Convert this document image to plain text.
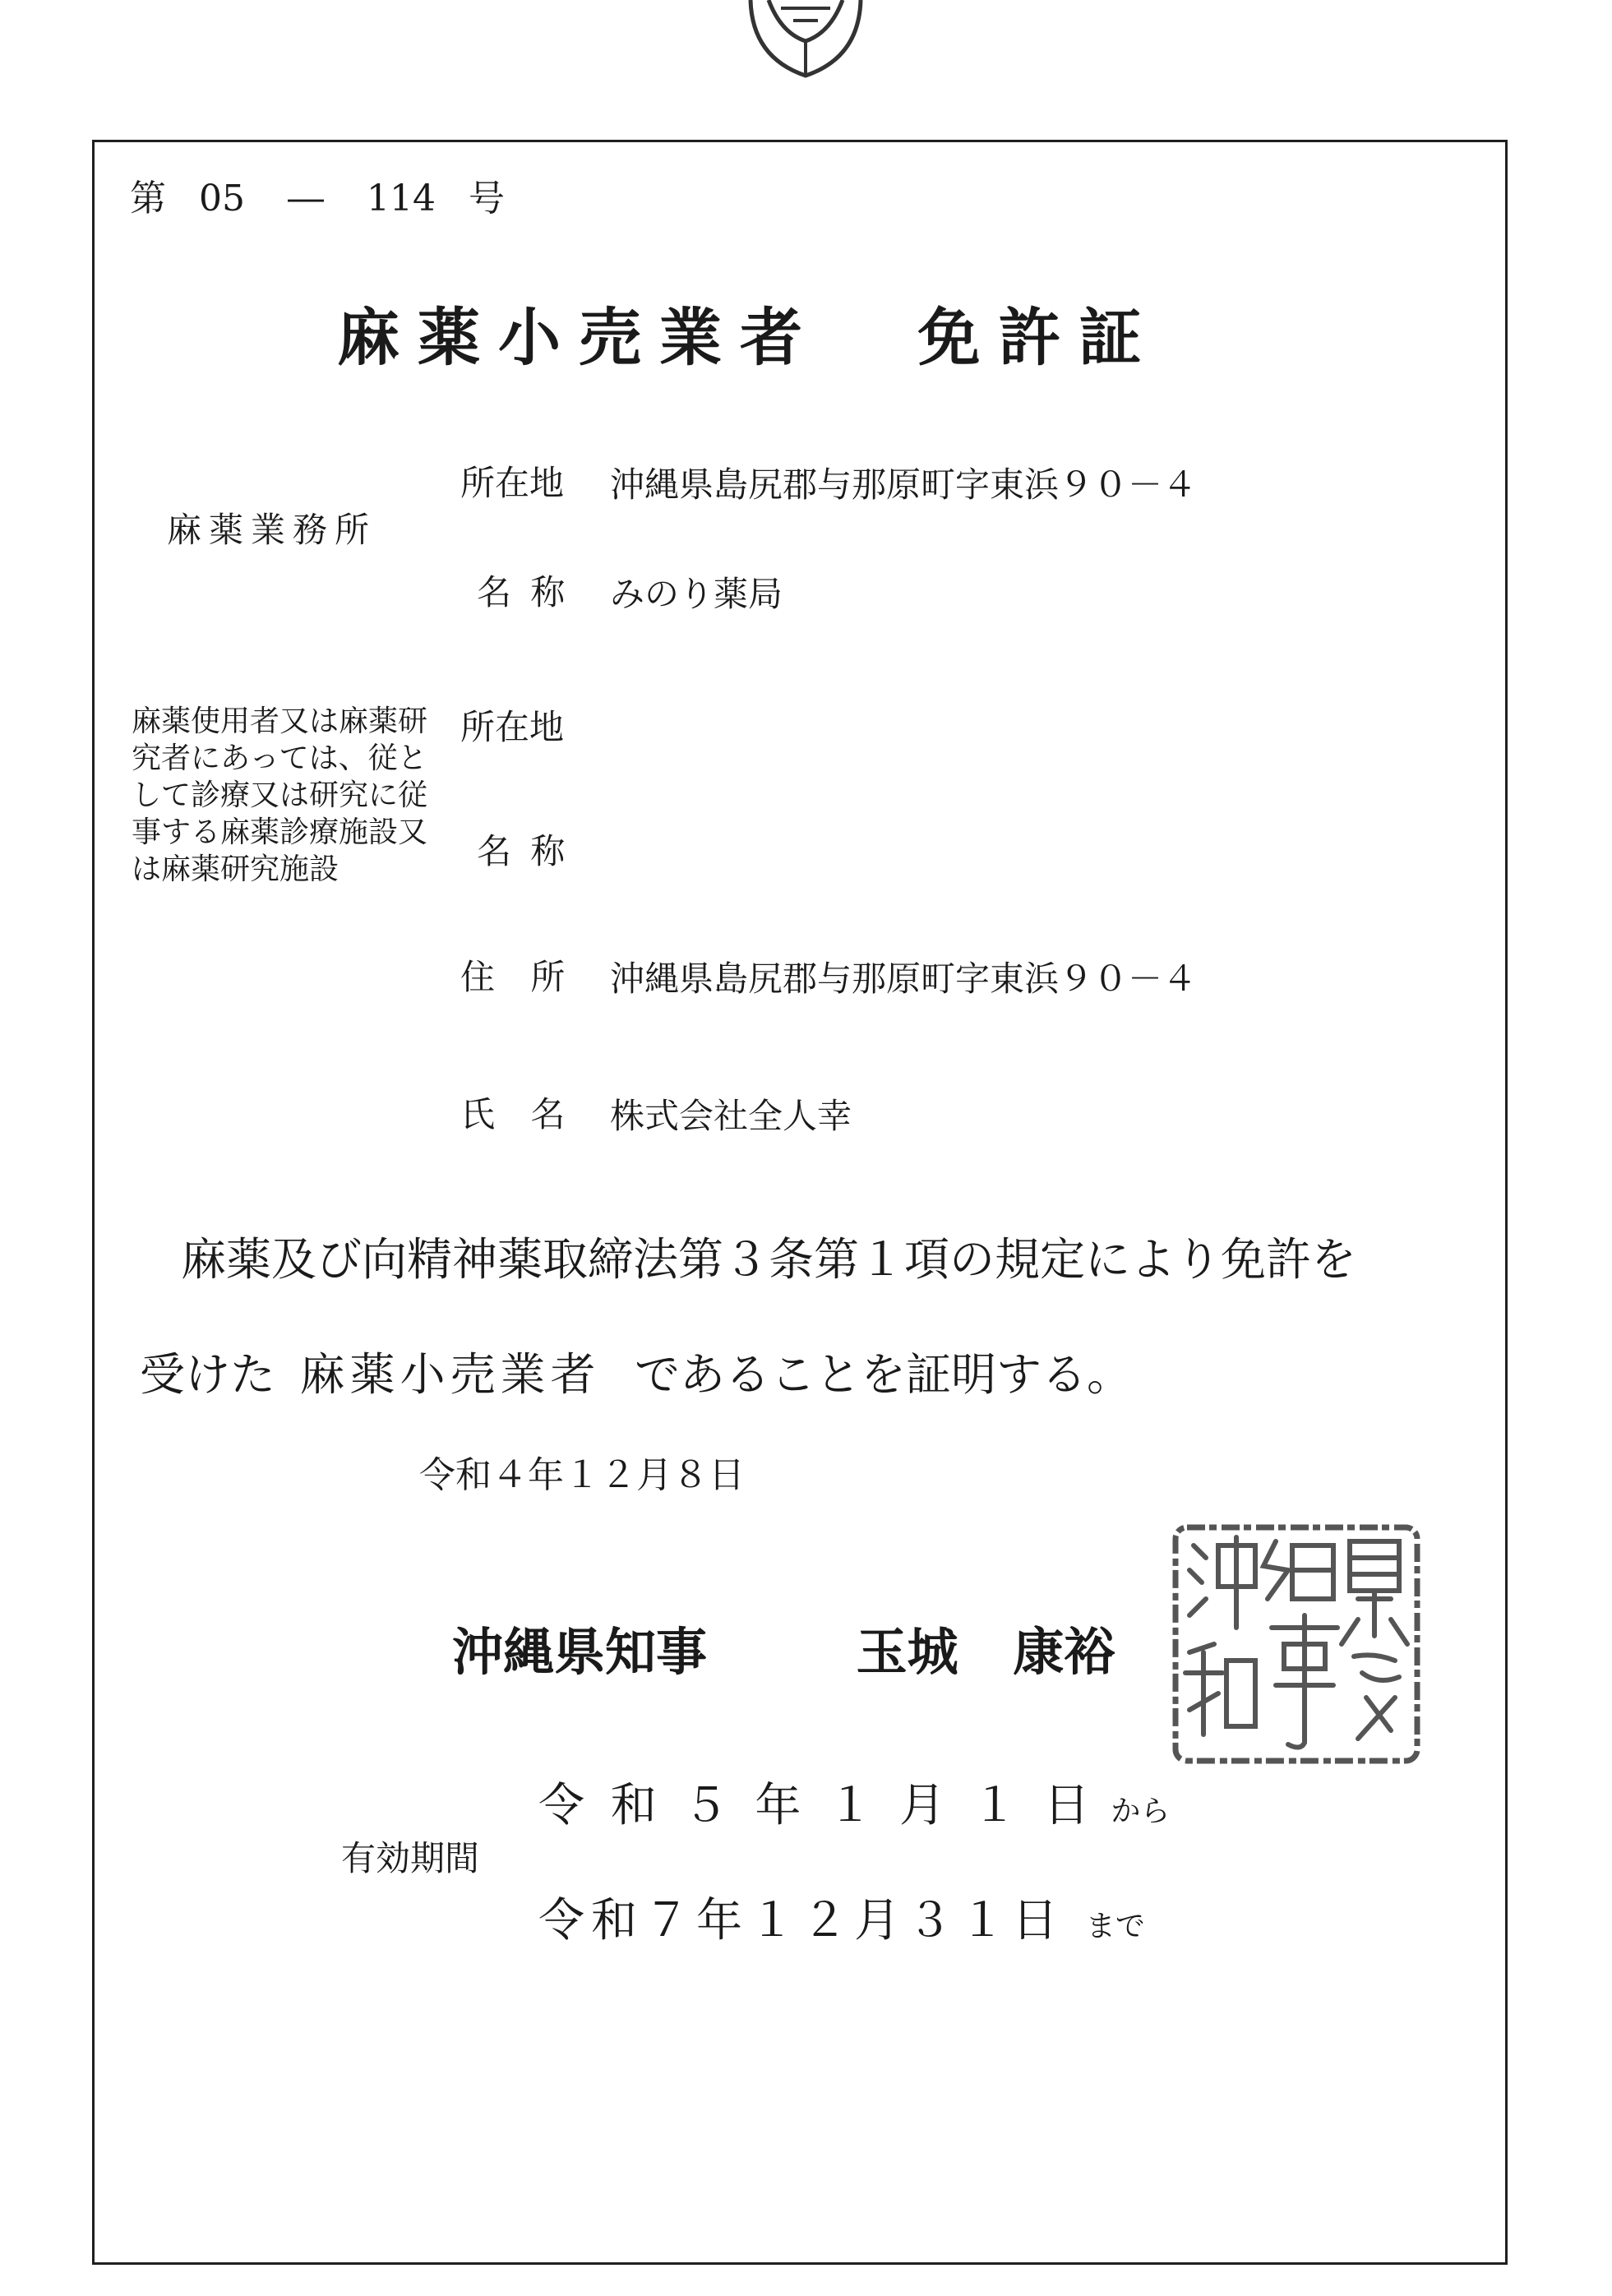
第 05 ― 114 号
麻薬小売業者 免許証
麻薬業務所
所在地 沖縄県島尻郡与那原町字東浜９０－４
名 称 みのり薬局
麻薬使用者又は麻薬研究者にあっては、従として診療又は研究に従事する麻薬診療施設又は麻薬研究施設
所在地
名 称
住 所 沖縄県島尻郡与那原町字東浜９０－４
氏 名 株式会社全人幸
麻薬及び向精神薬取締法第３条第１項の規定により免許を
受けた 麻薬小売業者 であることを証明する。
令和４年１２月８日
沖縄県知事	玉城 康裕
有効期間
令 和 ５ 年 １ 月 １ 日 から
令和７年１２月３１日 まで
